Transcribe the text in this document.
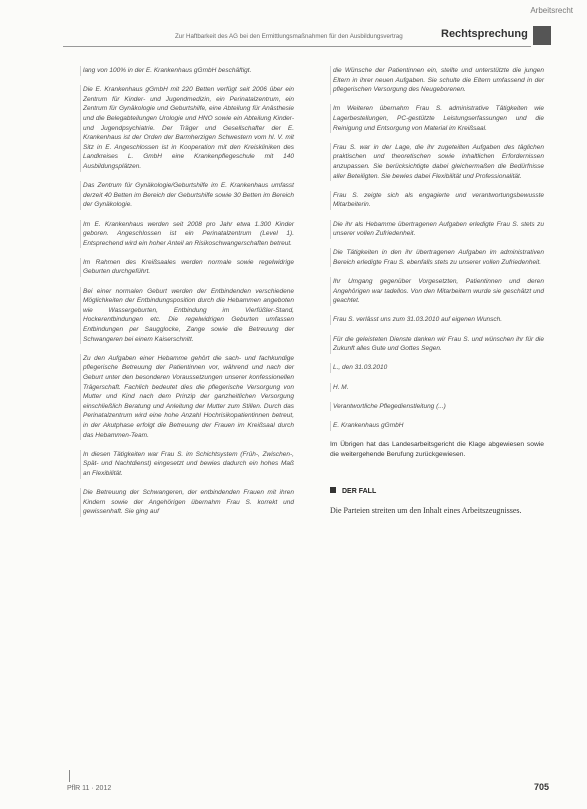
Arbeitsrecht
Zur Haftbarkeit des AG bei den Ermittlungsmaßnahmen für den Ausbildungsvertrag	Rechtsprechung

lang von 100% in der E. Krankenhaus gGmbH beschäftigt.

Die E. Krankenhaus gGmbH mit 220 Betten verfügt seit 2006 über ein Zentrum für Kinder- und Jugendmedizin, ein Perinatalzentrum, ein Zentrum für Gynäkologie und Geburtshilfe, eine Abteilung für Anästhesie und die Belegabteilungen Urologie und HNO sowie ein Abteilung Kinder- und Jugendpsychiatrie. Der Träger und Gesellschafter der E. Krankenhaus ist der Orden der Barmherzigen Schwestern vom hl. V. mit Sitz in E. Angeschlossen ist in Kooperation mit den Kreiskliniken des Landkreises L. GmbH eine Krankenpflegeschule mit 140 Ausbildungsplätzen.

Das Zentrum für Gynäkologie/Geburtshilfe im E. Krankenhaus umfasst derzeit 40 Betten im Bereich der Geburtshilfe sowie 30 Betten im Bereich der Gynäkologie.

Im E. Krankenhaus werden seit 2008 pro Jahr etwa 1.300 Kinder geboren. Angeschlossen ist ein Perinatalzentrum (Level 1). Entsprechend wird ein hoher Anteil an Risikoschwangerschaften betreut.

Im Rahmen des Kreißsaales werden normale sowie regelwidrige Geburten durchgeführt.

Bei einer normalen Geburt werden der Entbindenden verschiedene Möglichkeiten der Entbindungsposition durch die Hebammen angeboten wie Wassergeburten, Entbindung im Vierfüßler-Stand, Hockerentbindungen etc. Die regelwidrigen Geburten umfassen Entbindungen per Saugglocke, Zange sowie die Betreuung der Schwangeren bei einem Kaiserschnitt.

Zu den Aufgaben einer Hebamme gehört die sach- und fachkundige pflegerische Betreuung der Patientinnen vor, während und nach der Geburt unter den besonderen Voraussetzungen unserer konfessionellen Trägerschaft. Fachlich bedeutet dies die pflegerische Versorgung von Mutter und Kind nach dem Prinzip der ganzheitlichen Versorgung einschließlich Beratung und Anleitung der Mutter zum Stillen. Durch das Perinatalzentrum wird eine hohe Anzahl Hochrisikopatientinnen betreut, in der Akutphase erfolgt die Betreuung der Frauen im Kreißsaal durch das Hebammen-Team.

In diesen Tätigkeiten war Frau S. im Schichtsystem (Früh-, Zwischen-, Spät- und Nachtdienst) eingesetzt und bewies dadurch ein hohes Maß an Flexibilität.

Die Betreuung der Schwangeren, der entbindenden Frauen mit ihren Kindern sowie der Angehörigen übernahm Frau S. korrekt und gewissenhaft. Sie ging auf

die Wünsche der Patientinnen ein, stellte und unterstützte die jungen Eltern in ihrer neuen Aufgaben. Sie schulte die Eltern umfassend in der pflegerischen Versorgung des Neugeborenen.

Im Weiteren übernahm Frau S. administrative Tätigkeiten wie Lagerbestellungen, PC-gestützte Leistungserfassungen und die Reinigung und Entsorgung von Material im Kreißsaal.

Frau S. war in der Lage, die ihr zugeteilten Aufgaben des täglichen praktischen und theoretischen sowie inhaltlichen Erfordernissen anzupassen. Sie berücksichtigte dabei gleichermaßen die Bedürfnisse aller Beteiligten. Sie bewies dabei Flexibilität und Professionalität.

Frau S. zeigte sich als engagierte und verantwortungsbewusste Mitarbeiterin.

Die ihr als Hebamme übertragenen Aufgaben erledigte Frau S. stets zu unserer vollen Zufriedenheit.

Die Tätigkeiten in den ihr übertragenen Aufgaben im administrativen Bereich erledigte Frau S. ebenfalls stets zu unserer vollen Zufriedenheit.

Ihr Umgang gegenüber Vorgesetzten, Patientinnen und deren Angehörigen war tadellos. Von den Mitarbeitern wurde sie geschätzt und geachtet.

Frau S. verlässt uns zum 31.03.2010 auf eigenen Wunsch.

Für die geleisteten Dienste danken wir Frau S. und wünschen ihr für die Zukunft alles Gute und Gottes Segen.

L., den 31.03.2010

H. M.

Verantwortliche Pflegedienstleitung (...)

E. Krankenhaus gGmbH

Im Übrigen hat das Landesarbeitsgericht die Klage abgewiesen sowie die weitergehende Berufung zurückgewiesen.

DER FALL

Die Parteien streiten um den Inhalt eines Arbeitszeugnisses.

PflR 11 · 2012	705
